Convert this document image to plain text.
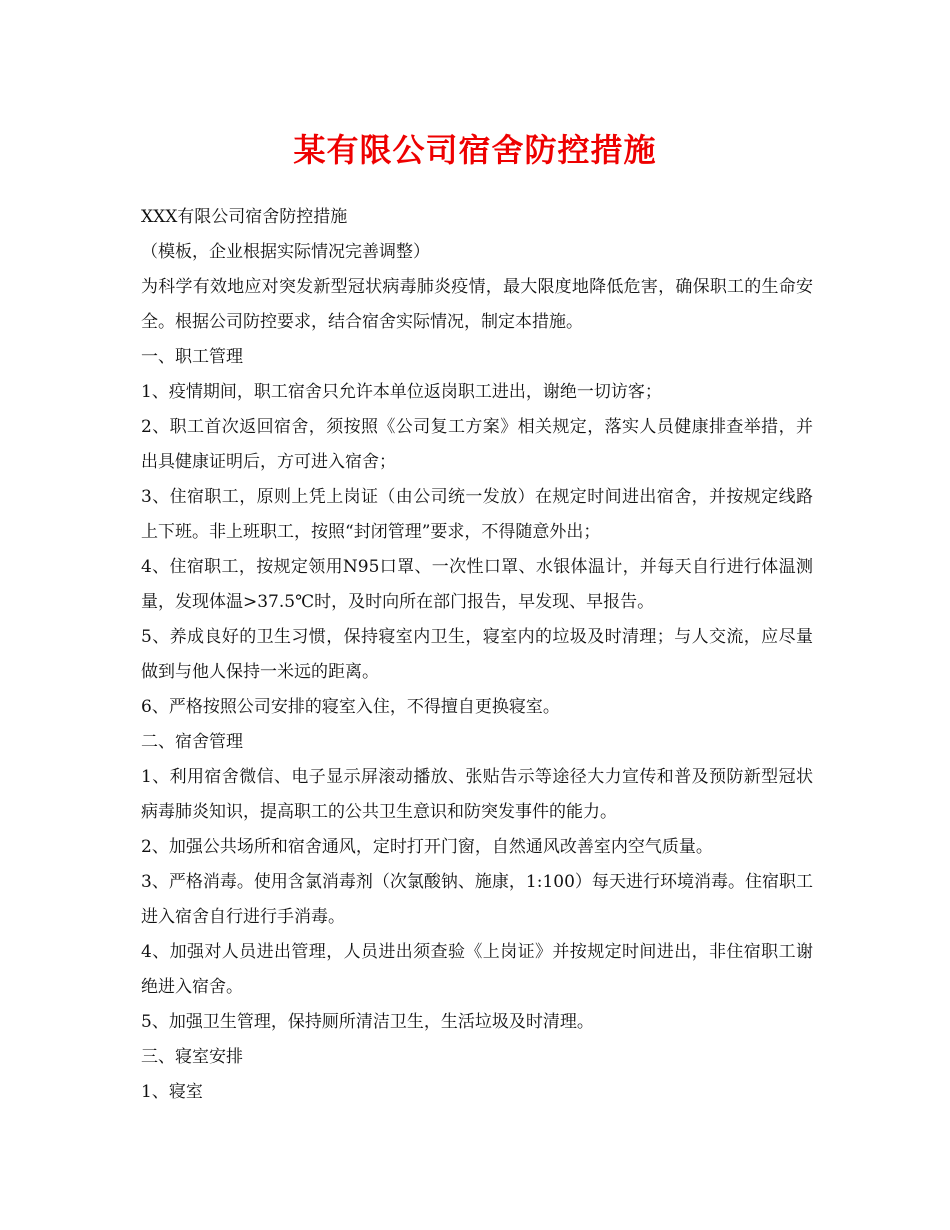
某有限公司宿舍防控措施
XXX有限公司宿舍防控措施
（模板，企业根据实际情况完善调整）

为科学有效地应对突发新型冠状病毒肺炎疫情，最大限度地降低危害，确保职工的生命安全。根据公司防控要求，结合宿舍实际情况，制定本措施。

一、职工管理

1、疫情期间，职工宿舍只允许本单位返岗职工进出，谢绝一切访客；

2、职工首次返回宿舍，须按照《公司复工方案》相关规定，落实人员健康排查举措，并出具健康证明后，方可进入宿舍；

3、住宿职工，原则上凭上岗证（由公司统一发放）在规定时间进出宿舍，并按规定线路上下班。非上班职工，按照“封闭管理”要求，不得随意外出；

4、住宿职工，按规定领用N95口罩、一次性口罩、水银体温计，并每天自行进行体温测量，发现体温>37.5℃时，及时向所在部门报告，早发现、早报告。

5、养成良好的卫生习惯，保持寝室内卫生，寝室内的垃圾及时清理；与人交流，应尽量做到与他人保持一米远的距离。

6、严格按照公司安排的寝室入住，不得擅自更换寝室。

二、宿舍管理

1、利用宿舍微信、电子显示屏滚动播放、张贴告示等途径大力宣传和普及预防新型冠状病毒肺炎知识，提高职工的公共卫生意识和防突发事件的能力。

2、加强公共场所和宿舍通风，定时打开门窗，自然通风改善室内空气质量。

3、严格消毒。使用含氯消毒剂（次氯酸钠、施康，1:100）每天进行环境消毒。住宿职工进入宿舍自行进行手消毒。

4、加强对人员进出管理，人员进出须查验《上岗证》并按规定时间进出，非住宿职工谢绝进入宿舍。

5、加强卫生管理，保持厕所清洁卫生，生活垃圾及时清理。

三、寝室安排
1、寝室
